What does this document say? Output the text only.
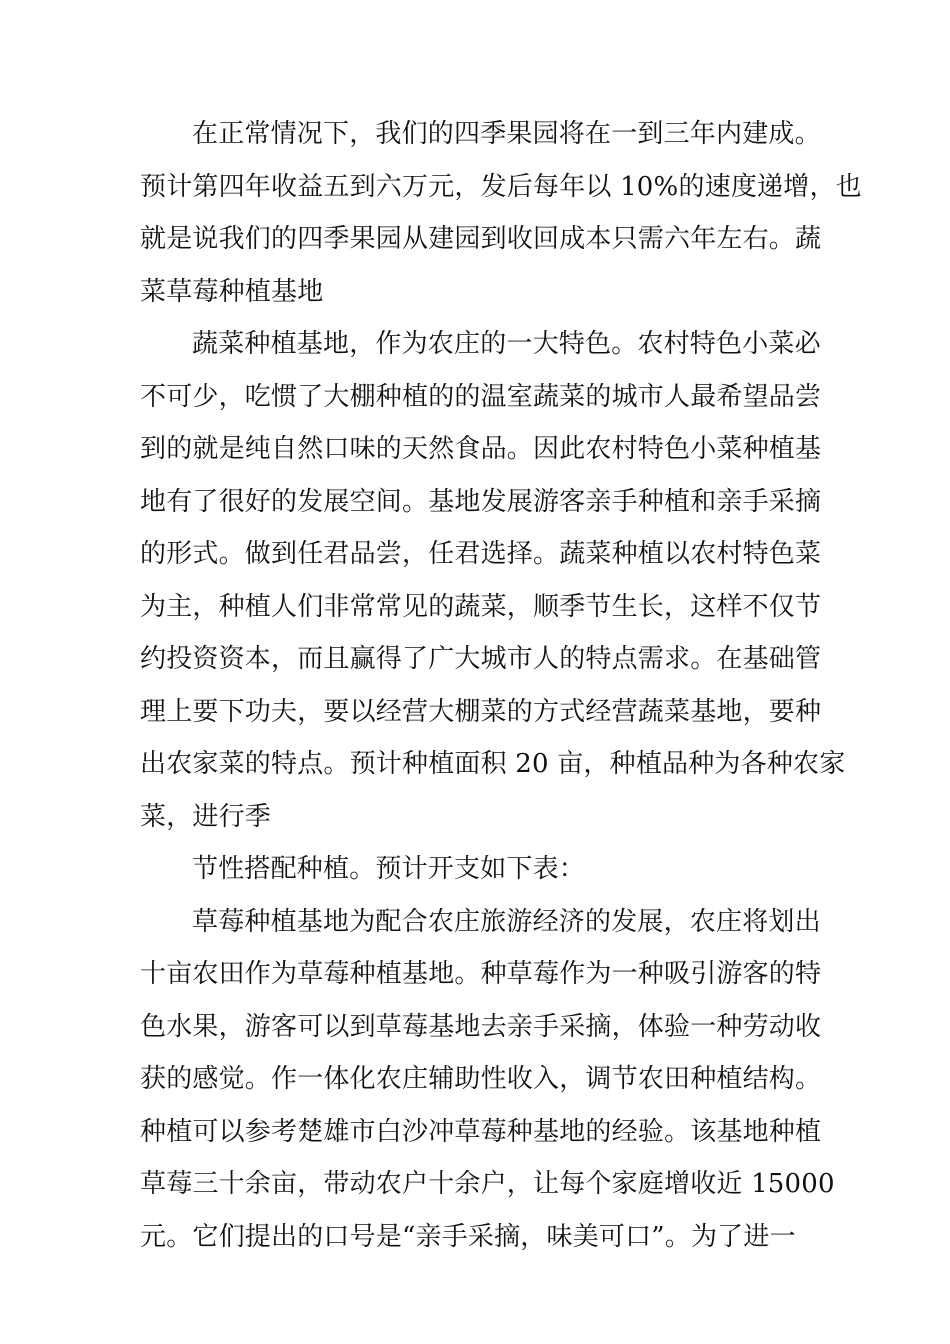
在正常情况下，我们的四季果园将在一到三年内建成。
预计第四年收益五到六万元，发后每年以 10%的速度递增，也
就是说我们的四季果园从建园到收回成本只需六年左右。蔬
菜草莓种植基地
蔬菜种植基地，作为农庄的一大特色。农村特色小菜必
不可少，吃惯了大棚种植的的温室蔬菜的城市人最希望品尝
到的就是纯自然口味的天然食品。因此农村特色小菜种植基
地有了很好的发展空间。基地发展游客亲手种植和亲手采摘
的形式。做到任君品尝，任君选择。蔬菜种植以农村特色菜
为主，种植人们非常常见的蔬菜，顺季节生长，这样不仅节
约投资资本，而且赢得了广大城市人的特点需求。在基础管
理上要下功夫，要以经营大棚菜的方式经营蔬菜基地，要种
出农家菜的特点。预计种植面积 20 亩，种植品种为各种农家
菜，进行季
节性搭配种植。预计开支如下表：
草莓种植基地为配合农庄旅游经济的发展，农庄将划出
十亩农田作为草莓种植基地。种草莓作为一种吸引游客的特
色水果，游客可以到草莓基地去亲手采摘，体验一种劳动收
获的感觉。作一体化农庄辅助性收入，调节农田种植结构。
种植可以参考楚雄市白沙冲草莓种基地的经验。该基地种植
草莓三十余亩，带动农户十余户，让每个家庭增收近 15000
元。它们提出的口号是“亲手采摘，味美可口”。为了进一
